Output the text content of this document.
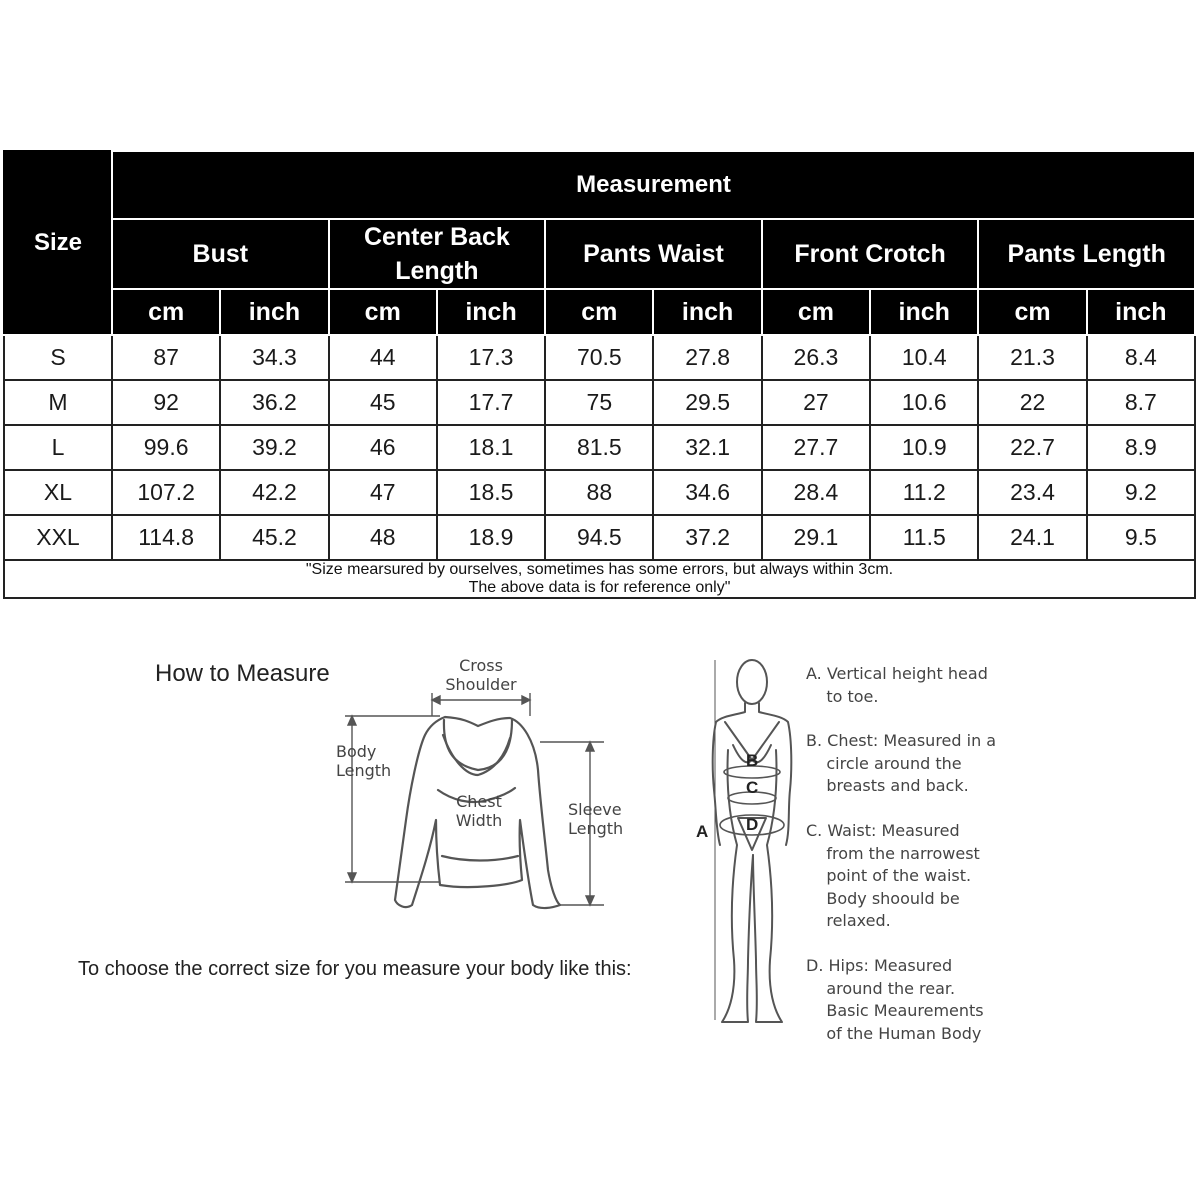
Size	Measurement									
	Bust		Center Back Length		Pants Waist		Front Crotch		Pants Length	
	cm	inch	cm	inch	cm	inch	cm	inch	cm	inch
S	87	34.3	44	17.3	70.5	27.8	26.3	10.4	21.3	8.4
M	92	36.2	45	17.7	75	29.5	27	10.6	22	8.7
L	99.6	39.2	46	18.1	81.5	32.1	27.7	10.9	22.7	8.9
XL	107.2	42.2	47	18.5	88	34.6	28.4	11.2	23.4	9.2
XXL	114.8	45.2	48	18.9	94.5	37.2	29.1	11.5	24.1	9.5
"Size mearsured by ourselves, sometimes has some errors, but always within 3cm.
The above data is for reference only"										
How to Measure	Cross
Shoulder
Body
Length
Chest
Width
Sleeve
Length	A
B
C
D
A. Vertical height head
to toe.
B. Chest: Measured in a
circle around the
breasts and back.
C. Waist: Measured
from the narrowest
point of the waist.
Body shoould be
relaxed.
D. Hips: Measured
around the rear.
Basic Meaurements
of the Human Body
To choose the correct size for you measure your body like this:
